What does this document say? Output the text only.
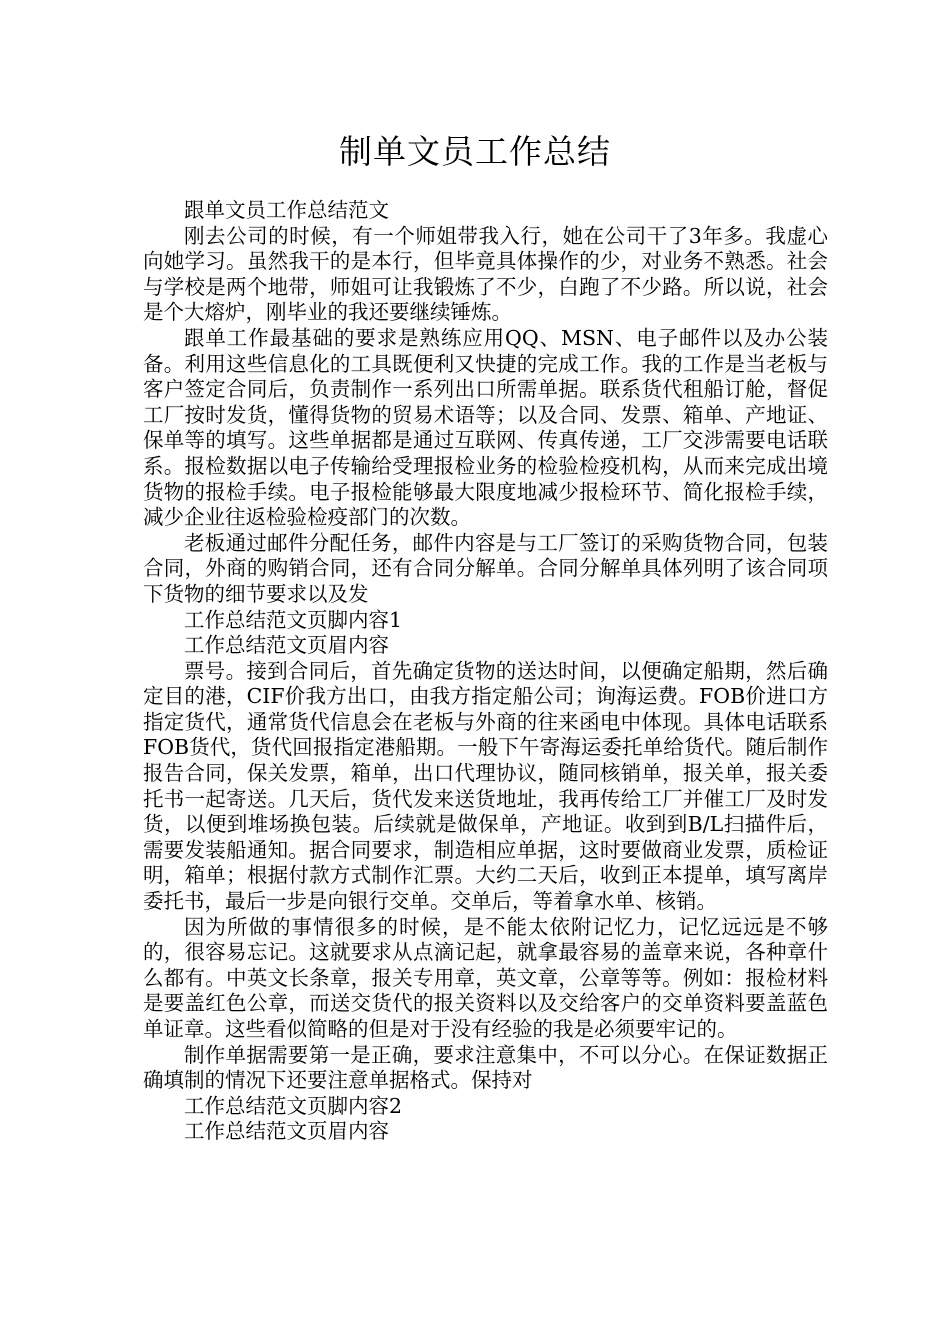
制单文员工作总结

跟单文员工作总结范文

刚去公司的时候，有一个师姐带我入行，她在公司干了3年多。我虚心向她学习。虽然我干的是本行，但毕竟具体操作的少，对业务不熟悉。社会与学校是两个地带，师姐可让我锻炼了不少，白跑了不少路。所以说，社会是个大熔炉，刚毕业的我还要继续锤炼。

跟单工作最基础的要求是熟练应用QQ、MSN、电子邮件以及办公装备。利用这些信息化的工具既便利又快捷的完成工作。我的工作是当老板与客户签定合同后，负责制作一系列出口所需单据。联系货代租船订舱，督促工厂按时发货，懂得货物的贸易术语等；以及合同、发票、箱单、产地证、保单等的填写。这些单据都是通过互联网、传真传递，工厂交涉需要电话联系。报检数据以电子传输给受理报检业务的检验检疫机构，从而来完成出境货物的报检手续。电子报检能够最大限度地减少报检环节、简化报检手续，减少企业往返检验检疫部门的次数。

老板通过邮件分配任务，邮件内容是与工厂签订的采购货物合同，包装合同，外商的购销合同，还有合同分解单。合同分解单具体列明了该合同项下货物的细节要求以及发

工作总结范文页脚内容1

工作总结范文页眉内容

票号。接到合同后，首先确定货物的送达时间，以便确定船期，然后确定目的港，CIF价我方出口，由我方指定船公司；询海运费。FOB价进口方指定货代，通常货代信息会在老板与外商的往来函电中体现。具体电话联系FOB货代，货代回报指定港船期。一般下午寄海运委托单给货代。随后制作报告合同，保关发票，箱单，出口代理协议，随同核销单，报关单，报关委托书一起寄送。几天后，货代发来送货地址，我再传给工厂并催工厂及时发货，以便到堆场换包装。后续就是做保单，产地证。收到到B/L扫描件后，需要发装船通知。据合同要求，制造相应单据，这时要做商业发票，质检证明，箱单；根据付款方式制作汇票。大约二天后，收到正本提单，填写离岸委托书，最后一步是向银行交单。交单后，等着拿水单、核销。

因为所做的事情很多的时候，是不能太依附记忆力，记忆远远是不够的，很容易忘记。这就要求从点滴记起，就拿最容易的盖章来说，各种章什么都有。中英文长条章，报关专用章，英文章，公章等等。例如：报检材料是要盖红色公章，而送交货代的报关资料以及交给客户的交单资料要盖蓝色单证章。这些看似简略的但是对于没有经验的我是必须要牢记的。

制作单据需要第一是正确，要求注意集中，不可以分心。在保证数据正确填制的情况下还要注意单据格式。保持对

工作总结范文页脚内容2

工作总结范文页眉内容
